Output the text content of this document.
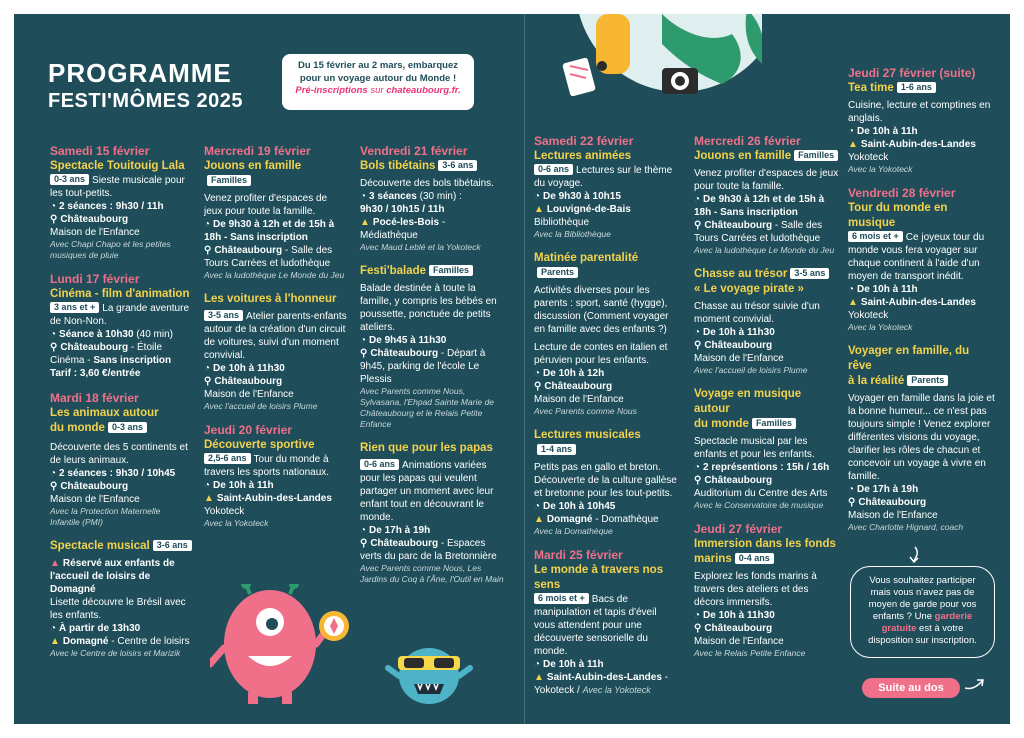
PROGRAMME
FESTI'MÔMES 2025
Du 15 février au 2 mars, embarquez
pour un voyage autour du Monde !
Pré-inscriptions sur chateaubourg.fr.
Samedi 15 février
Spectacle Touitouig Lala
0-3 ans Sieste musicale pour les tout-petits.
◔ 2 séances : 9h30 / 11h
⚲ Châteaubourg
Maison de l'Enfance
Avec Chapi Chapo et les petites musiques de pluie
Lundi 17 février
Cinéma - film d'animation
3 ans et + La grande aventure de Non-Non.
◔ Séance à 10h30 (40 min)
⚲ Châteaubourg - Étoile Cinéma - Sans inscription
Tarif : 3,60 €/entrée
Mardi 18 février
Les animaux autour
du monde 0-3 ans
Découverte des 5 continents et de leurs animaux.
◔ 2 séances : 9h30 / 10h45
⚲ Châteaubourg
Maison de l'Enfance
Avec la Protection Maternelle Infantile (PMI)
Spectacle musical 3-6 ans
▲ Réservé aux enfants de l'accueil de loisirs de Domagné
Lisette découvre le Brésil avec les enfants.
◔ À partir de 13h30
▲ Domagné - Centre de loisirs
Avec le Centre de loisirs et Marizik
Mercredi 19 février
Jouons en familleFamilles
Venez profiter d'espaces de jeux pour toute la famille.
◔ De 9h30 à 12h et de 15h à 18h - Sans inscription
⚲ Châteaubourg - Salle des Tours Carrées et ludothèque
Avec la ludothèque Le Monde du Jeu
Les voitures à l'honneur
3-5 ans Atelier parents-enfants autour de la création d'un circuit de voitures, suivi d'un moment convivial.
◔ De 10h à 11h30
⚲ Châteaubourg
Maison de l'Enfance
Avec l'accueil de loisirs Plume
Jeudi 20 février
Découverte sportive
2,5-6 ans Tour du monde à travers les sports nationaux.
◔ De 10h à 11h
▲ Saint-Aubin-des-Landes
Yokoteck
Avec la Yokoteck
Vendredi 21 février
Bols tibétains 3-6 ans
Découverte des bols tibétains.
◔ 3 séances (30 min) :
9h30 / 10h15 / 11h
▲ Pocé-les-Bois - Médiathèque
Avec Maud Leblé et la Yokoteck
Festi'balade Familles
Balade destinée à toute la famille, y compris les bébés en poussette, ponctuée de petits ateliers.
◔ De 9h45 à 11h30
⚲ Châteaubourg - Départ à 9h45, parking de l'école Le Plessis
Avec Parents comme Nous, Sylvasana, l'Ehpad Sainte Marie de Châteaubourg et le Relais Petite Enfance
Rien que pour les papas
0-6 ans Animations variées pour les papas qui veulent partager un moment avec leur enfant tout en découvrant le monde.
◔ De 17h à 19h
⚲ Châteaubourg - Espaces verts du parc de la Bretonnière
Avec Parents comme Nous, Les Jardins du Coq à l'Âne, l'Outil en Main
Samedi 22 février
Lectures animées
0-6 ans Lectures sur le thème du voyage.
◔ De 9h30 à 10h15
▲ Louvigné-de-Bais
Bibliothèque
Avec la Bibliothèque
Matinée parentalitéParents
Activités diverses pour les parents : sport, santé (hygge), discussion (Comment voyager en famille avec des enfants ?)
Lecture de contes en italien et péruvien pour les enfants.
◔ De 10h à 12h
⚲ Châteaubourg
Maison de l'Enfance
Avec Parents comme Nous
Lectures musicales1-4 ans
Petits pas en gallo et breton. Découverte de la culture gallèse et bretonne pour les tout-petits.
◔ De 10h à 10h45
▲ Domagné - Domathèque
Avec la Domathèque
Mardi 25 février
Le monde à travers nos sens
6 mois et + Bacs de manipulation et tapis d'éveil vous attendent pour une découverte sensorielle du monde.
◔ De 10h à 11h
▲ Saint-Aubin-des-Landes - Yokoteck / Avec la Yokoteck
Mercredi 26 février
Jouons en famille Familles
Venez profiter d'espaces de jeux pour toute la famille.
◔ De 9h30 à 12h et de 15h à 18h - Sans inscription
⚲ Châteaubourg - Salle des Tours Carrées et ludothèque
Avec la ludothèque Le Monde du Jeu
Chasse au trésor 3-5 ans
« Le voyage pirate »
Chasse au trésor suivie d'un moment convivial.
◔ De 10h à 11h30
⚲ Châteaubourg
Maison de l'Enfance
Avec l'accueil de loisirs Plume
Voyage en musique autour
du monde Familles
Spectacle musical par les enfants et pour les enfants.
◔ 2 représentions : 15h / 16h
⚲ Châteaubourg
Auditorium du Centre des Arts
Avec le Conservatoire de musique
Jeudi 27 février
Immersion dans les fonds
marins 0-4 ans
Explorez les fonds marins à travers des ateliers et des décors immersifs.
◔ De 10h à 11h30
⚲ Châteaubourg
Maison de l'Enfance
Avec le Relais Petite Enfance
Jeudi 27 février (suite)
Tea time 1-6 ans
Cuisine, lecture et comptines en anglais.
◔ De 10h à 11h
▲ Saint-Aubin-des-Landes
Yokoteck
Avec la Yokoteck
Vendredi 28 février
Tour du monde en musique
6 mois et + Ce joyeux tour du monde vous fera voyager sur chaque continent à l'aide d'un moyen de transport inédit.
◔ De 10h à 11h
▲ Saint-Aubin-des-Landes
Yokoteck
Avec la Yokoteck
Voyager en famille, du rêve
à la réalité Parents
Voyager en famille dans la joie et la bonne humeur... ce n'est pas toujours simple ! Venez explorer différentes visions du voyage, clarifier les rôles de chacun et concevoir un voyage à vivre en famille.
◔ De 17h à 19h
⚲ Châteaubourg
Maison de l'Enfance
Avec Charlotte Hignard, coach
Vous souhaitez participer mais vous n'avez pas de moyen de garde pour vos enfants ? Une garderie gratuite est à votre disposition sur inscription.
Suite au dos
